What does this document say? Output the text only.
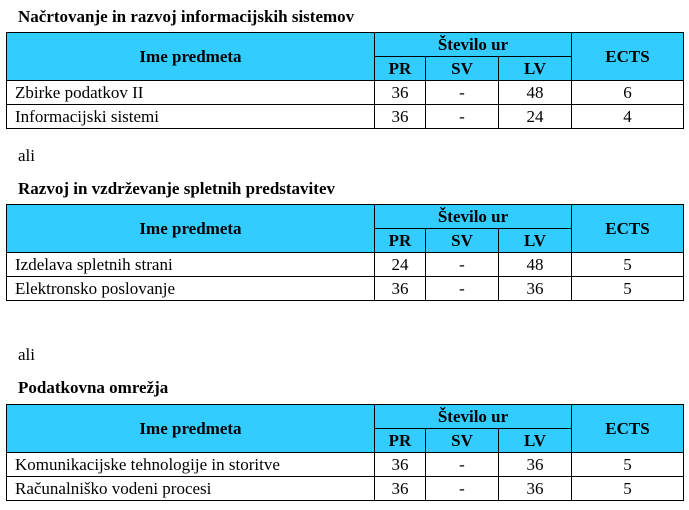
Načrtovanje in razvoj informacijskih sistemov
Ime predmeta	Število ur			ECTS
	PR	SV	LV	
Zbirke podatkov II	36	-	48	6
Informacijski sistemi	36	-	24	4
ali
Razvoj in vzdrževanje spletnih predstavitev
Ime predmeta	Število ur			ECTS
	PR	SV	LV	
Izdelava spletnih strani	24	-	48	5
Elektronsko poslovanje	36	-	36	5
ali
Podatkovna omrežja
Ime predmeta	Število ur			ECTS
	PR	SV	LV	
Komunikacijske tehnologije in storitve	36	-	36	5
Računalniško vodeni procesi	36	-	36	5
